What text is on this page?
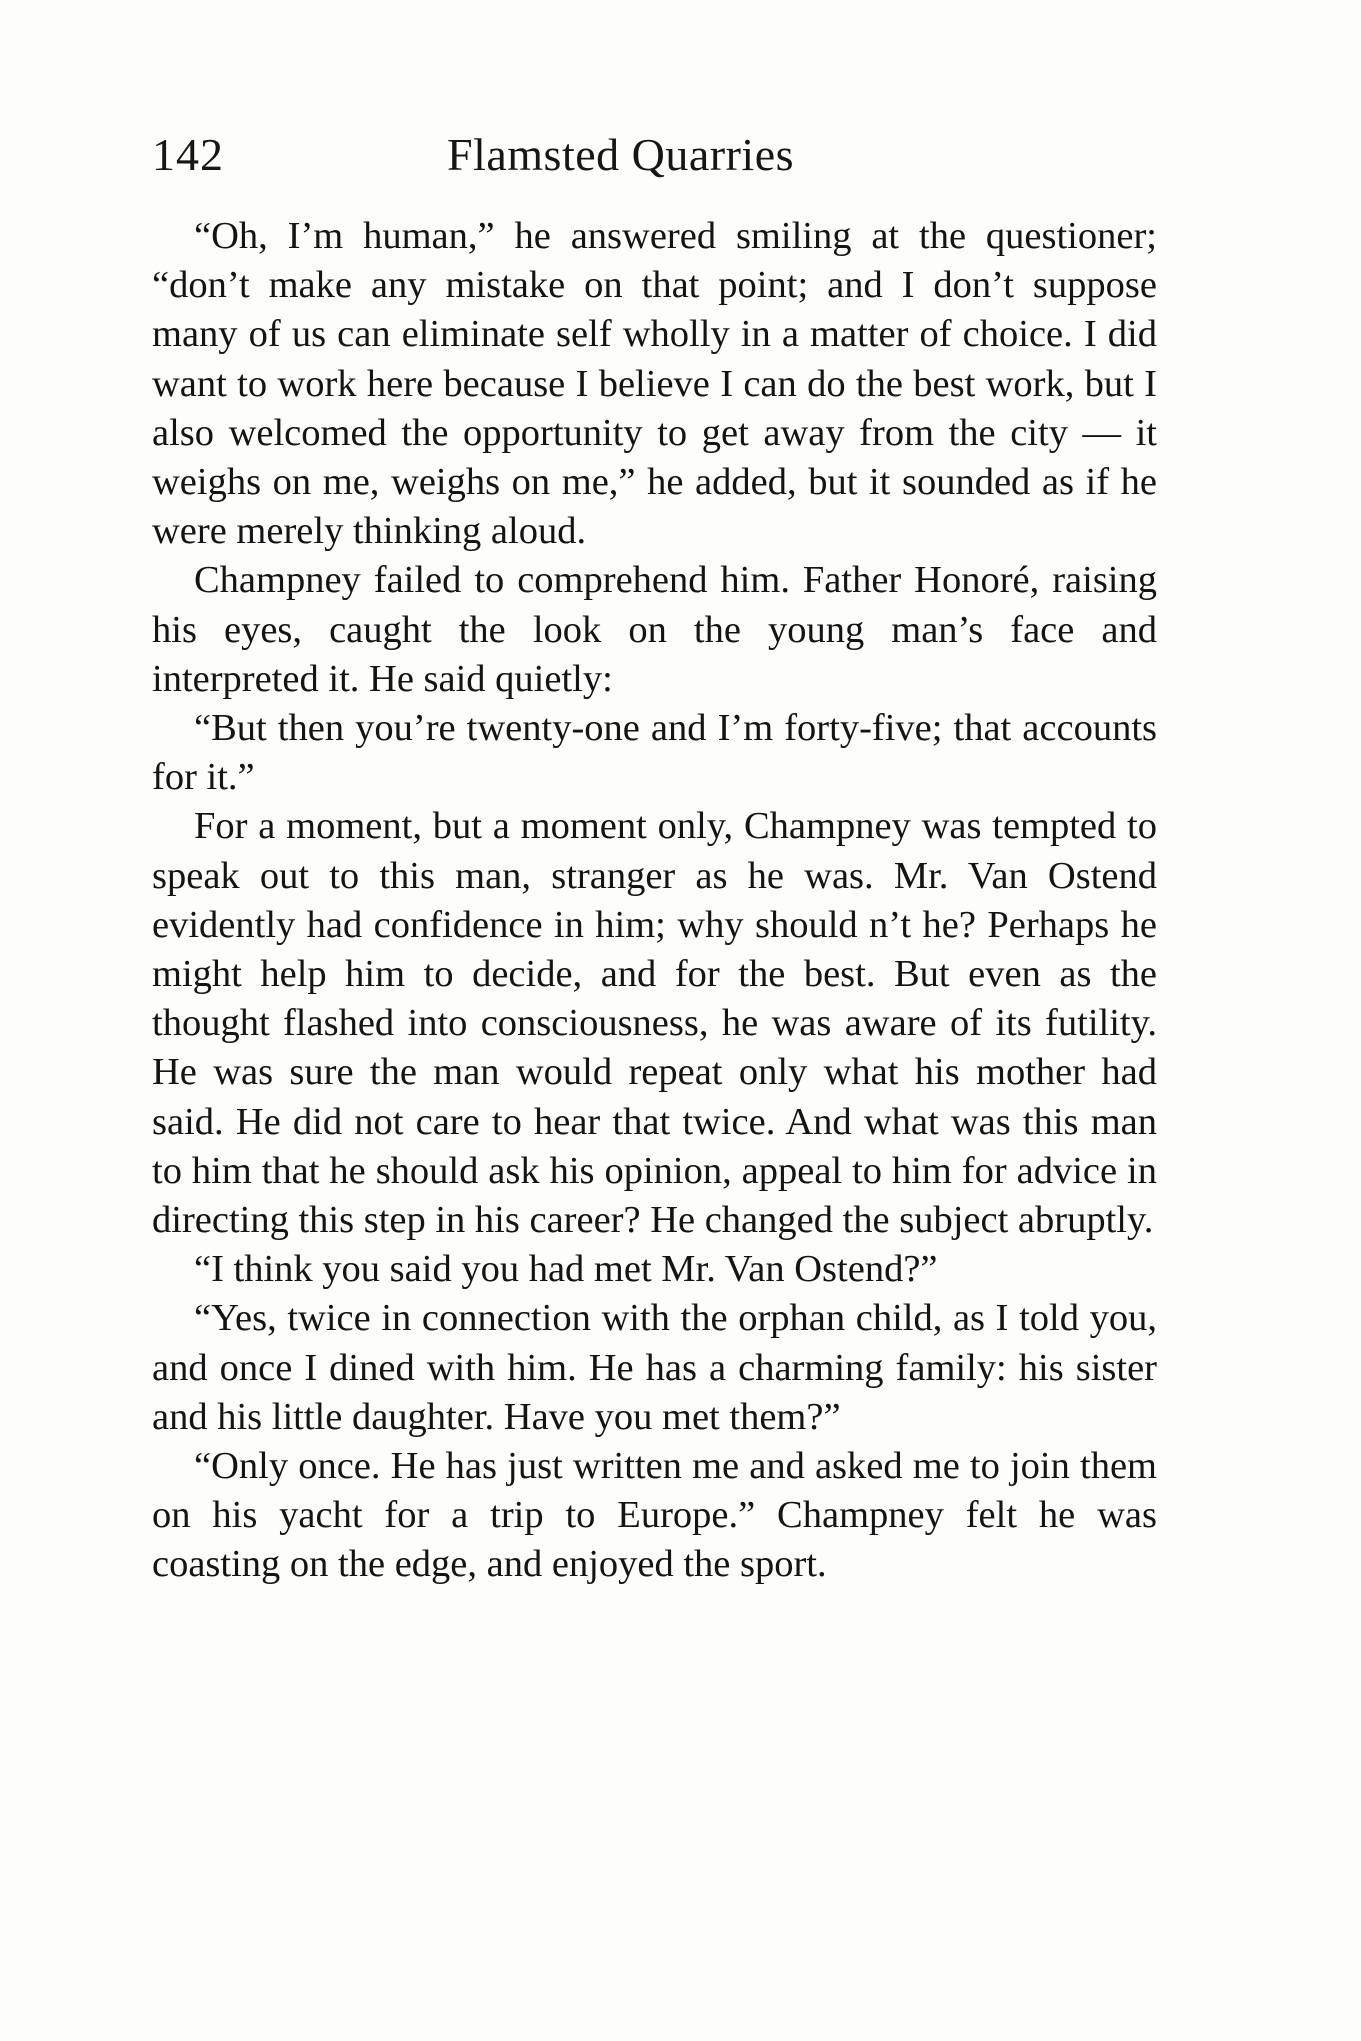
142	Flamsted Quarries

“Oh, I’m human,” he answered smiling at the questioner; “don’t make any mistake on that point; and I don’t suppose many of us can eliminate self wholly in a matter of choice. I did want to work here because I believe I can do the best work, but I also welcomed the opportunity to get away from the city — it weighs on me, weighs on me,” he added, but it sounded as if he were merely thinking aloud.

Champney failed to comprehend him. Father Honoré, raising his eyes, caught the look on the young man’s face and interpreted it. He said quietly:

“But then you’re twenty-one and I’m forty-five; that accounts for it.”

For a moment, but a moment only, Champney was tempted to speak out to this man, stranger as he was. Mr. Van Ostend evidently had confidence in him; why should n’t he? Perhaps he might help him to decide, and for the best. But even as the thought flashed into consciousness, he was aware of its futility. He was sure the man would repeat only what his mother had said. He did not care to hear that twice. And what was this man to him that he should ask his opinion, appeal to him for advice in directing this step in his career? He changed the subject abruptly.

“I think you said you had met Mr. Van Ostend?”

“Yes, twice in connection with the orphan child, as I told you, and once I dined with him. He has a charming family: his sister and his little daughter. Have you met them?”

“Only once. He has just written me and asked me to join them on his yacht for a trip to Europe.” Champney felt he was coasting on the edge, and enjoyed the sport.
